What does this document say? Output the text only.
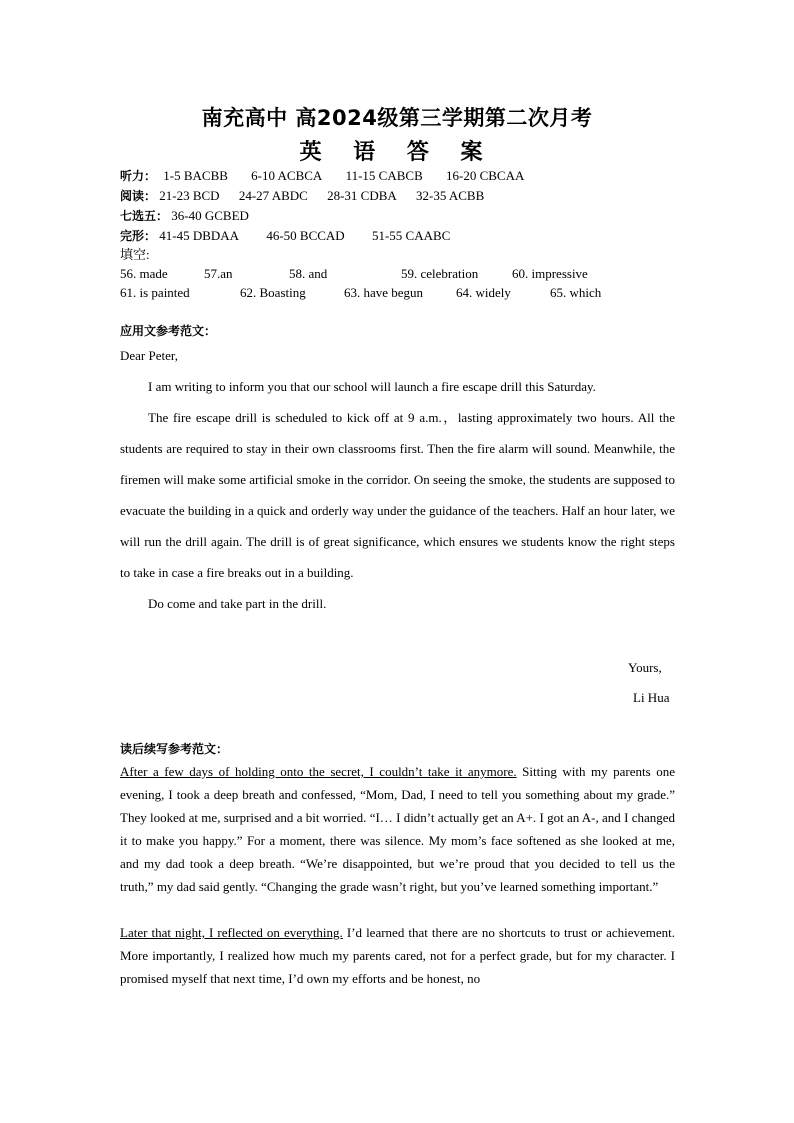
南充高中 高2024级第三学期第二次月考
英 语 答 案
听力： 1-5 BACBB 6-10 ACBCA 11-15 CABCB 16-20 CBCAA
阅读： 21-23 BCD 24-27 ABDC 28-31 CDBA 32-35 ACBB
七选五： 36-40 GCBED
完形： 41-45 DBDAA 46-50 BCCAD 51-55 CAABC
填空:
56. made	57.an	58. and	59. celebration	60. impressive
61. is painted	62. Boasting	63. have begun	64. widely	65. which
应用文参考范文：

Dear Peter,

I am writing to inform you that our school will launch a fire escape drill this Saturday.

The fire escape drill is scheduled to kick off at 9 a.m.，lasting approximately two hours. All the students are required to stay in their own classrooms first. Then the fire alarm will sound. Meanwhile, the firemen will make some artificial smoke in the corridor. On seeing the smoke, the students are supposed to evacuate the building in a quick and orderly way under the guidance of the teachers. Half an hour later, we will run the drill again. The drill is of great significance, which ensures we students know the right steps to take in case a fire breaks out in a building.

Do come and take part in the drill.

Yours,
Li Hua
读后续写参考范文：

After a few days of holding onto the secret, I couldn’t take it anymore. Sitting with my parents one evening, I took a deep breath and confessed, “Mom, Dad, I need to tell you something about my grade.” They looked at me, surprised and a bit worried. “I… I didn’t actually get an A+. I got an A-, and I changed it to make you happy.” For a moment, there was silence. My mom’s face softened as she looked at me, and my dad took a deep breath. “We’re disappointed, but we’re proud that you decided to tell us the truth,” my dad said gently. “Changing the grade wasn’t right, but you’ve learned something important.”

Later that night, I reflected on everything. I’d learned that there are no shortcuts to trust or achievement. More importantly, I realized how much my parents cared, not for a perfect grade, but for my character. I promised myself that next time, I’d own my efforts and be honest, no
